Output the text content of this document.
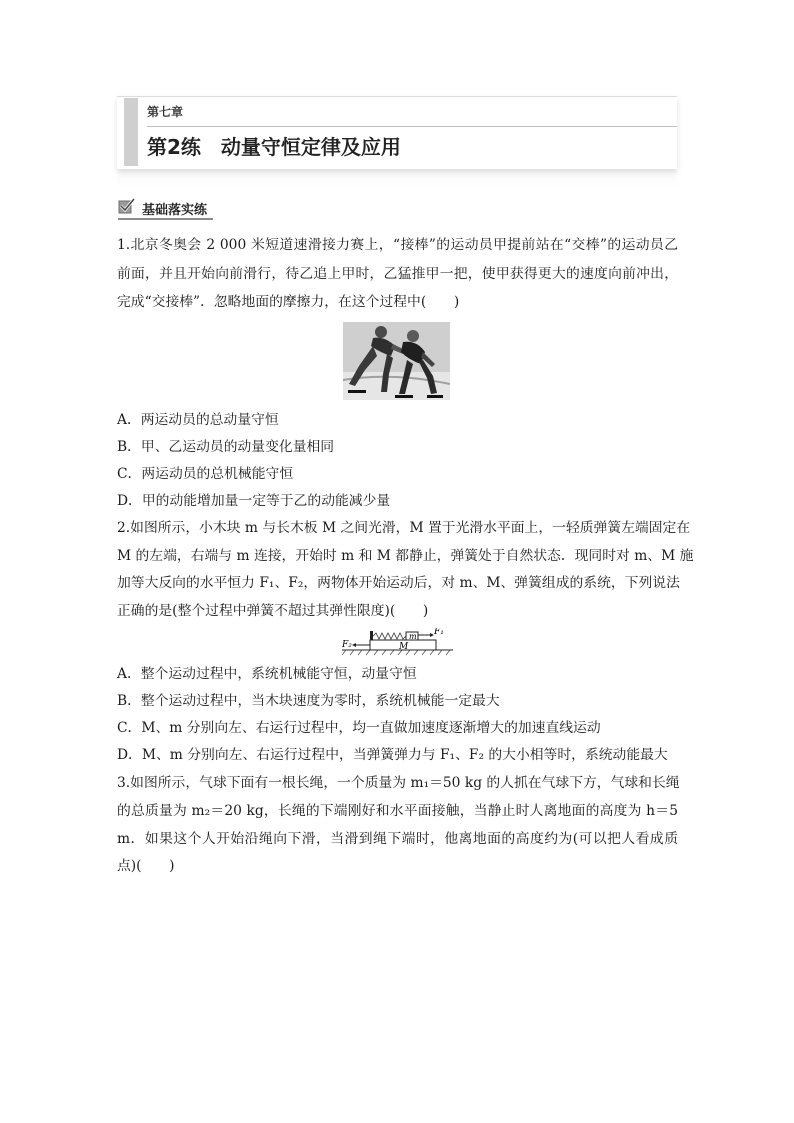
第七章
第2练　动量守恒定律及应用
基础落实练
1.北京冬奥会 2 000 米短道速滑接力赛上，“接棒”的运动员甲提前站在“交棒”的运动员乙
前面，并且开始向前滑行，待乙追上甲时，乙猛推甲一把，使甲获得更大的速度向前冲出，
完成“交接棒”．忽略地面的摩擦力，在这个过程中(　　)
A．两运动员的总动量守恒
B．甲、乙运动员的动量变化量相同
C．两运动员的总机械能守恒
D．甲的动能增加量一定等于乙的动能减少量
2.如图所示，小木块 m 与长木板 M 之间光滑，M 置于光滑水平面上，一轻质弹簧左端固定在
M 的左端，右端与 m 连接，开始时 m 和 M 都静止，弹簧处于自然状态．现同时对 m、M 施
加等大反向的水平恒力 F₁、F₂，两物体开始运动后，对 m、M、弹簧组成的系统，下列说法
正确的是(整个过程中弹簧不超过其弹性限度)(　　)
F₂
F₁
m
M
A．整个运动过程中，系统机械能守恒，动量守恒
B．整个运动过程中，当木块速度为零时，系统机械能一定最大
C．M、m 分别向左、右运行过程中，均一直做加速度逐渐增大的加速直线运动
D．M、m 分别向左、右运行过程中，当弹簧弹力与 F₁、F₂ 的大小相等时，系统动能最大
3.如图所示，气球下面有一根长绳，一个质量为 m₁＝50 kg 的人抓在气球下方，气球和长绳
的总质量为 m₂＝20 kg，长绳的下端刚好和水平面接触，当静止时人离地面的高度为 h＝5
m．如果这个人开始沿绳向下滑，当滑到绳下端时，他离地面的高度约为(可以把人看成质
点)(　　)
